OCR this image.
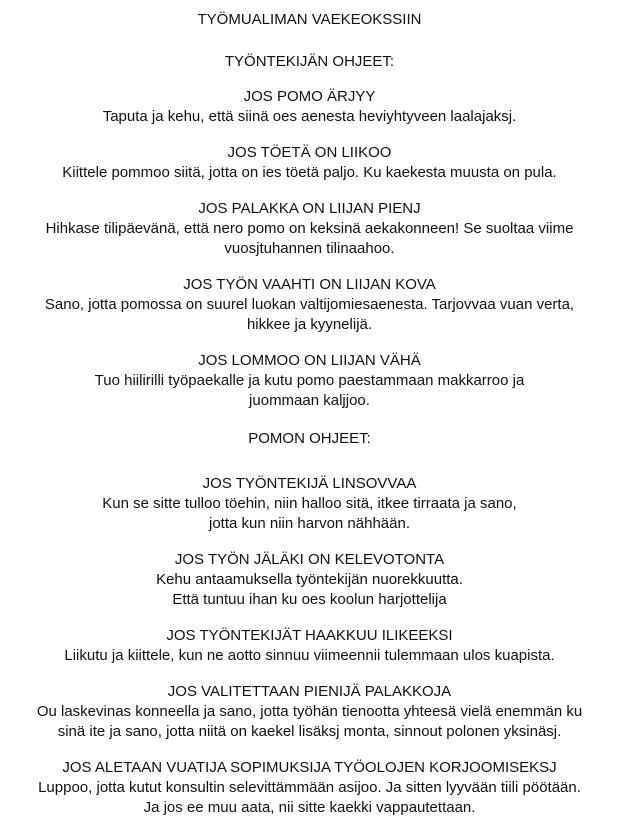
TYÖMUALIMAN VAEKEOKSSIIN
TYÖNTEKIJÄN OHJEET:
JOS POMO ÄRJYY
Taputa ja kehu, että siinä oes aenesta heviyhtyveen laalajaksj.
JOS TÖETÄ ON LIIKOO
Kiittele pommoo siitä, jotta on ies töetä paljo. Ku kaekesta muusta on pula.
JOS PALAKKA ON LIIJAN PIENJ
Hihkase tilipäevänä, että nero pomo on keksinä aekakonneen! Se suoltaa viime
vuosjtuhannen tilinaahoo.
JOS TYÖN VAAHTI ON LIIJAN KOVA
Sano, jotta pomossa on suurel luokan valtijomiesaenesta. Tarjovvaa vuan verta,
hikkee ja kyynelijä.
JOS LOMMOO ON LIIJAN VÄHÄ
Tuo hiilirilli työpaekalle ja kutu pomo paestammaan makkarroo ja
juommaan kaljjoo.
POMON OHJEET:
JOS TYÖNTEKIJÄ LINSOVVAA
Kun se sitte tulloo töehin, niin halloo sitä, itkee tirraata ja sano,
jotta kun niin harvon nähhään.
JOS TYÖN JÄLÄKI ON KELEVOTONTA
Kehu antaamuksella työntekijän nuorekkuutta.
Että tuntuu ihan ku oes koolun harjottelija
JOS TYÖNTEKIJÄT HAAKKUU ILIKEEKSI
Liikutu ja kiittele, kun ne aotto sinnuu viimeennii tulemmaan ulos kuapista.
JOS VALITETTAAN PIENIJÄ PALAKKOJA
Ou laskevinas konneella ja sano, jotta työhän tienootta yhteesä vielä enemmän ku
sinä ite ja sano, jotta niitä on kaekel lisäksj monta, sinnout polonen yksinäsj.
JOS ALETAAN VUATIJA SOPIMUKSIJA TYÖOLOJEN KORJOOMISEKSJ
Luppoo, jotta kutut konsultin selevittämmään asijoo. Ja sitten lyyvään tiili pöötään.
Ja jos ee muu aata, nii sitte kaekki vappautettaan.
